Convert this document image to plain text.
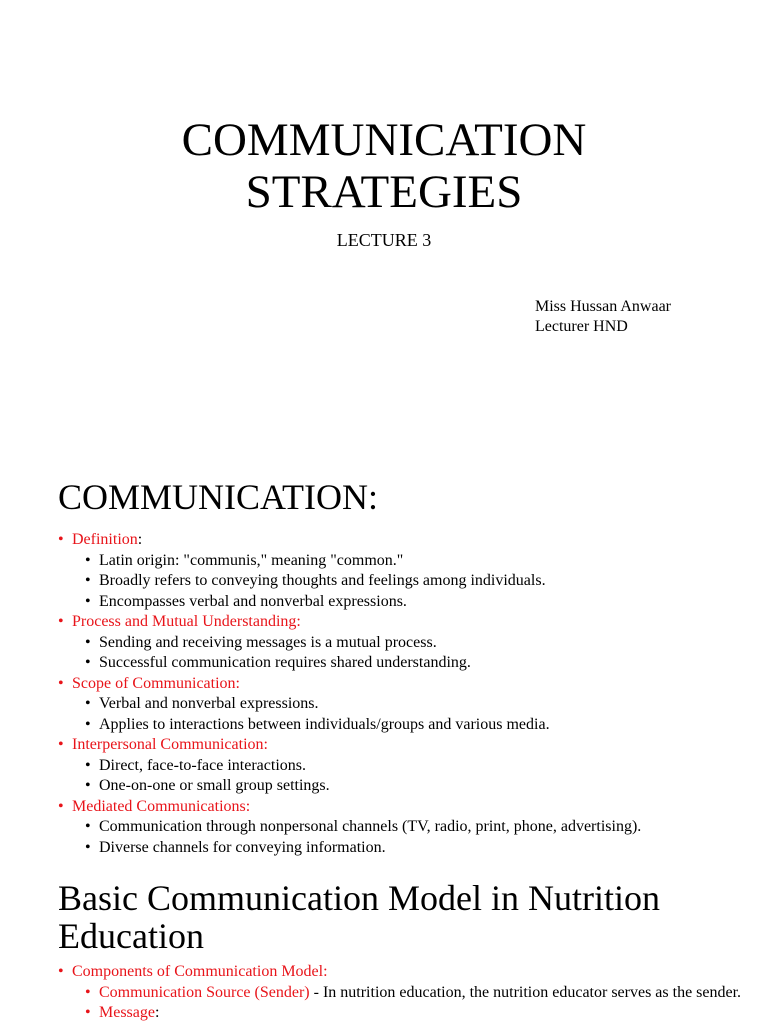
COMMUNICATION
STRATEGIES
LECTURE 3
Miss Hussan Anwaar
Lecturer HND
COMMUNICATION:
• Definition:
• Latin origin: "communis," meaning "common."
• Broadly refers to conveying thoughts and feelings among individuals.
• Encompasses verbal and nonverbal expressions.
• Process and Mutual Understanding:
• Sending and receiving messages is a mutual process.
• Successful communication requires shared understanding.
• Scope of Communication:
• Verbal and nonverbal expressions.
• Applies to interactions between individuals/groups and various media.
• Interpersonal Communication:
• Direct, face-to-face interactions.
• One-on-one or small group settings.
• Mediated Communications:
• Communication through nonpersonal channels (TV, radio, print, phone, advertising).
• Diverse channels for conveying information.
Basic Communication Model in Nutrition
Education
• Components of Communication Model:
• Communication Source (Sender) - In nutrition education, the nutrition educator serves as the sender.
• Message:
